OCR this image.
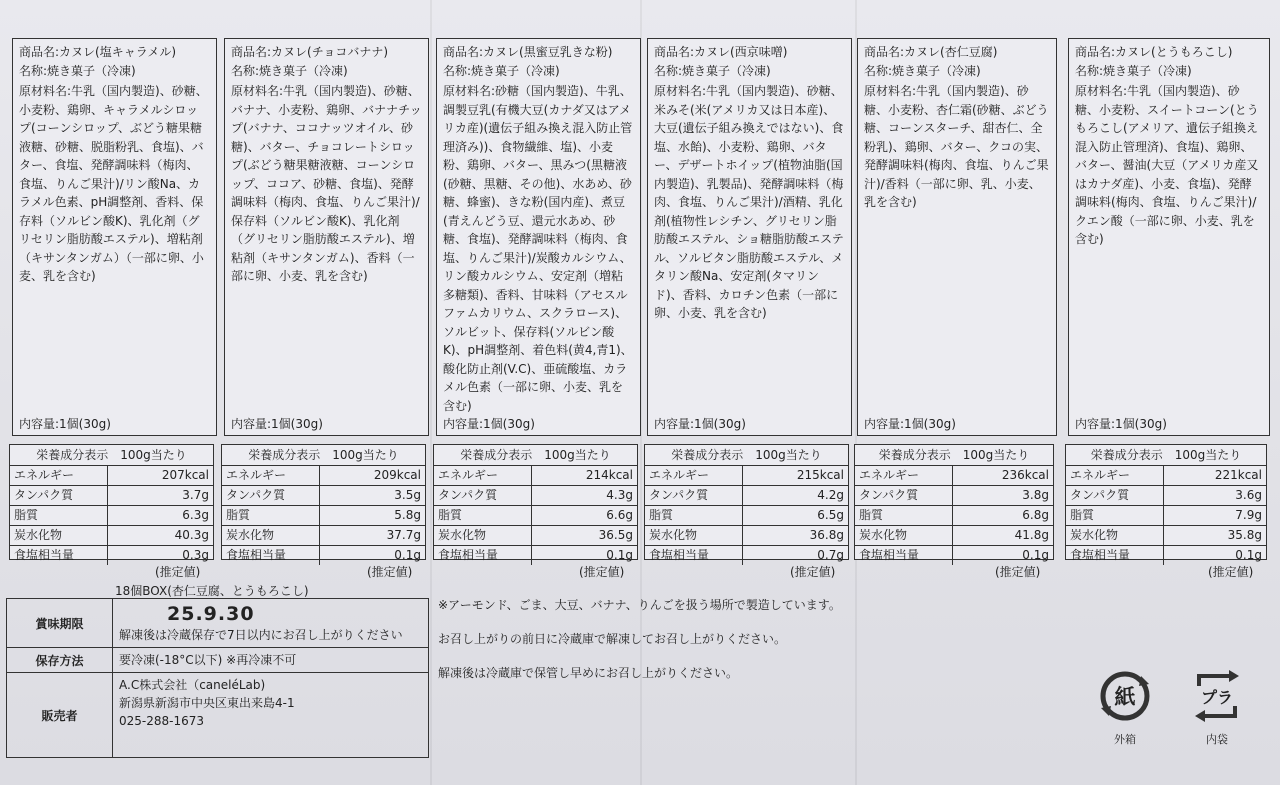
商品名:カヌレ(塩キャラメル)
名称:焼き菓子（冷凍)
原材料名:牛乳（国内製造)、砂糖、小麦粉、鶏卵、キャラメルシロップ(コーンシロップ、ぶどう糖果糖液糖、砂糖、脱脂粉乳、食塩)、バター、食塩、発酵調味料（梅肉、食塩、りんご果汁)/リン酸Na、カラメル色素、pH調整剤、香料、保存料（ソルビン酸K)、乳化剤（グリセリン脂肪酸エステル)、増粘剤（キサンタンガム）（一部に卵、小麦、乳を含む)
内容量:1個(30g)
商品名:カヌレ(チョコバナナ)
名称:焼き菓子（冷凍)
原材料名:牛乳（国内製造)、砂糖、バナナ、小麦粉、鶏卵、バナナチップ(バナナ、ココナッツオイル、砂糖)、バター、チョコレートシロップ(ぶどう糖果糖液糖、コーンシロップ、ココア、砂糖、食塩)、発酵調味料（梅肉、食塩、りんご果汁)/保存料（ソルビン酸K)、乳化剤（グリセリン脂肪酸エステル)、増粘剤（キサンタンガム)、香料（一部に卵、小麦、乳を含む)
内容量:1個(30g)
商品名:カヌレ(黒蜜豆乳きな粉)
名称:焼き菓子（冷凍)
原材料名:砂糖（国内製造)、牛乳、調製豆乳(有機大豆(カナダ又はアメリカ産)(遺伝子組み換え混入防止管理済み))、食物繊維、塩)、小麦粉、鶏卵、バター、黒みつ(黒糖液(砂糖、黒糖、その他)、水あめ、砂糖、蜂蜜)、きな粉(国内産)、煮豆(青えんどう豆、還元水あめ、砂糖、食塩)、発酵調味料（梅肉、食塩、りんご果汁)/炭酸カルシウム、リン酸カルシウム、安定剤（増粘多糖類)、香料、甘味料（アセスルファムカリウム、スクラロース)、ソルビット、保存料(ソルビン酸K)、pH調整剤、着色料(黄4,青1)、酸化防止剤(V.C)、亜硫酸塩、カラメル色素（一部に卵、小麦、乳を含む)
内容量:1個(30g)
商品名:カヌレ(西京味噌)
名称:焼き菓子（冷凍)
原材料名:牛乳（国内製造)、砂糖、米みそ(米(アメリカ又は日本産)、大豆(遺伝子組み換えではない)、食塩、水飴)、小麦粉、鶏卵、バター、デザートホイップ(植物油脂(国内製造)、乳製品)、発酵調味料（梅肉、食塩、りんご果汁)/酒精、乳化剤(植物性レシチン、グリセリン脂肪酸エステル、ショ糖脂肪酸エステル、ソルビタン脂肪酸エステル、メタリン酸Na、安定剤(タマリンド)、香料、カロチン色素（一部に卵、小麦、乳を含む)
内容量:1個(30g)
商品名:カヌレ(杏仁豆腐)
名称:焼き菓子（冷凍)
原材料名:牛乳（国内製造)、砂糖、小麦粉、杏仁霜(砂糖、ぶどう糖、コーンスターチ、甜杏仁、全粉乳)、鶏卵、バター、クコの実、発酵調味料(梅肉、食塩、りんご果汁)/香料（一部に卵、乳、小麦、乳を含む)
内容量:1個(30g)
商品名:カヌレ(とうもろこし)
名称:焼き菓子（冷凍)
原材料名:牛乳（国内製造)、砂糖、小麦粉、スイートコーン(とうもろこし(アメリア、遺伝子組換え混入防止管理済)、食塩)、鶏卵、バター、醤油(大豆（アメリカ産又はカナダ産)、小麦、食塩)、発酵調味料(梅肉、食塩、りんご果汁)/クエン酸（一部に卵、小麦、乳を含む)
内容量:1個(30g)
栄養成分表示　100g当たり
エネルギー	207kcal
タンパク質	3.7g
脂質	6.3g
炭水化物	40.3g
食塩相当量	0.3g
(推定値)
栄養成分表示　100g当たり
エネルギー	209kcal
タンパク質	3.5g
脂質	5.8g
炭水化物	37.7g
食塩相当量	0.1g
(推定値)
栄養成分表示　100g当たり
エネルギー	214kcal
タンパク質	4.3g
脂質	6.6g
炭水化物	36.5g
食塩相当量	0.1g
(推定値)
栄養成分表示　100g当たり
エネルギー	215kcal
タンパク質	4.2g
脂質	6.5g
炭水化物	36.8g
食塩相当量	0.7g
(推定値)
栄養成分表示　100g当たり
エネルギー	236kcal
タンパク質	3.8g
脂質	6.8g
炭水化物	41.8g
食塩相当量	0.1g
(推定値)
栄養成分表示　100g当たり
エネルギー	221kcal
タンパク質	3.6g
脂質	7.9g
炭水化物	35.8g
食塩相当量	0.1g
(推定値)
18個BOX(杏仁豆腐、とうもろこし)
賞味期限	25.9.30
解凍後は冷蔵保存で7日以内にお召し上がりください
保存方法	要冷凍(-18°C以下) ※再冷凍不可
販売者
A.C株式会社（caneléLab)
新潟県新潟市中央区東出来島4-1
025-288-1673
※アーモンド、ごま、大豆、バナナ、りんごを扱う場所で製造しています。
お召し上がりの前日に冷蔵庫で解凍してお召し上がりください。
解凍後は冷蔵庫で保管し早めにお召し上がりください。
紙
外箱
プラ
内袋
